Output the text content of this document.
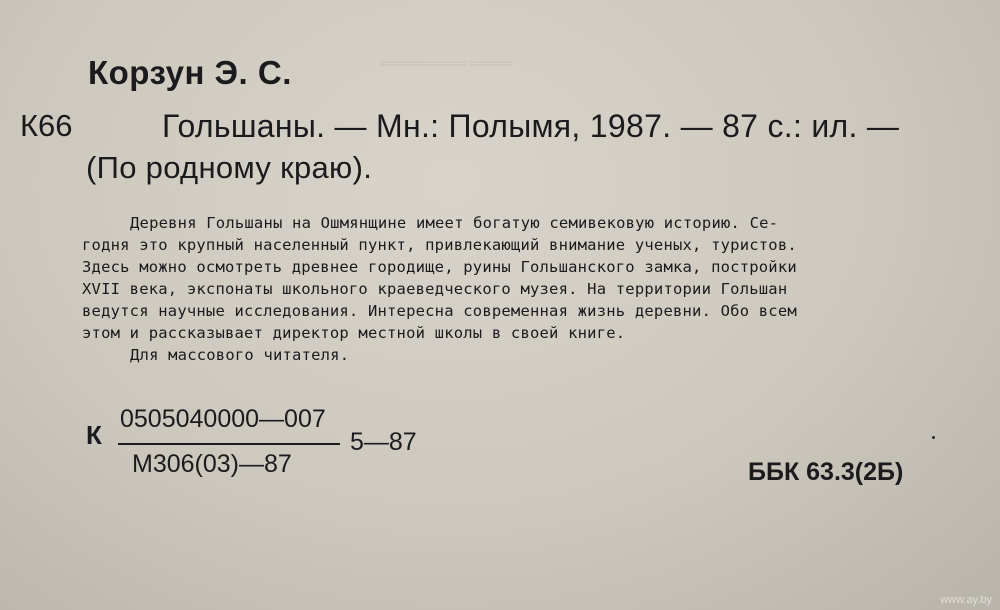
════ ════════
Корзун Э. С.
К66	Гольшаны. — Мн.: Полымя, 1987. — 87 с.: ил. —
(По родному краю).
Деревня Гольшаны на Ошмянщине имеет богатую семивековую историю. Се-
годня это крупный населенный пункт, привлекающий внимание ученых, туристов.
Здесь можно осмотреть древнее городище, руины Гольшанского замка, постройки
XVII века, экспонаты школьного краеведческого музея. На территории Гольшан
ведутся научные исследования. Интересна современная жизнь деревни. Обо всем
этом и рассказывает директор местной школы в своей книге.
Для массового читателя.
К
0505040000—007
М306(03)—87
5—87
ББК 63.3(2Б)
www.ay.by
